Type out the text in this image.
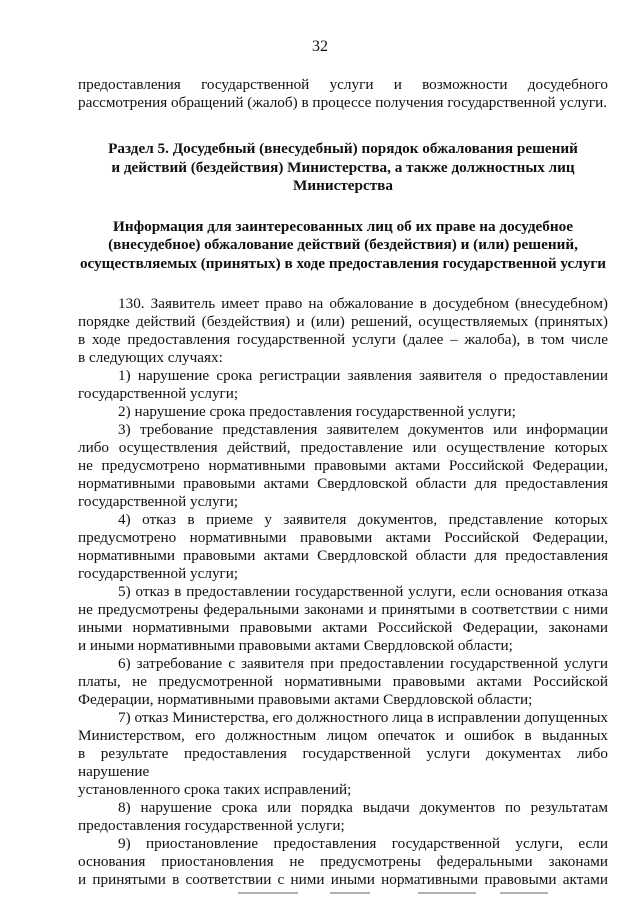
32

предоставления государственной услуги и возможности досудебного

рассмотрения обращений (жалоб) в процессе получения государственной услуги.

Раздел 5. Досудебный (внесудебный) порядок обжалования решений

и действий (бездействия) Министерства, а также должностных лиц

Министерства

Информация для заинтересованных лиц об их праве на досудебное

(внесудебное) обжалование действий (бездействия) и (или) решений,

осуществляемых (принятых) в ходе предоставления государственной услуги

130. Заявитель имеет право на обжалование в досудебном (внесудебном)

порядке действий (бездействия) и (или) решений, осуществляемых (принятых)

в ходе предоставления государственной услуги (далее – жалоба), в том числе

в следующих случаях:

1) нарушение срока регистрации заявления заявителя о предоставлении

государственной услуги;

2) нарушение срока предоставления государственной услуги;

3) требование представления заявителем документов или информации

либо осуществления действий, предоставление или осуществление которых

не предусмотрено нормативными правовыми актами Российской Федерации,

нормативными правовыми актами Свердловской области для предоставления

государственной услуги;

4) отказ в приеме у заявителя документов, представление которых

предусмотрено нормативными правовыми актами Российской Федерации,

нормативными правовыми актами Свердловской области для предоставления

государственной услуги;

5) отказ в предоставлении государственной услуги, если основания отказа

не предусмотрены федеральными законами и принятыми в соответствии с ними

иными нормативными правовыми актами Российской Федерации, законами

и иными нормативными правовыми актами Свердловской области;

6) затребование с заявителя при предоставлении государственной услуги

платы, не предусмотренной нормативными правовыми актами Российской

Федерации, нормативными правовыми актами Свердловской области;

7) отказ Министерства, его должностного лица в исправлении допущенных

Министерством, его должностным лицом опечаток и ошибок в выданных

в результате предоставления государственной услуги документах либо нарушение

установленного срока таких исправлений;

8) нарушение срока или порядка выдачи документов по результатам

предоставления государственной услуги;

9) приостановление предоставления государственной услуги, если

основания приостановления не предусмотрены федеральными законами

и принятыми в соответствии с ними иными нормативными правовыми актами
